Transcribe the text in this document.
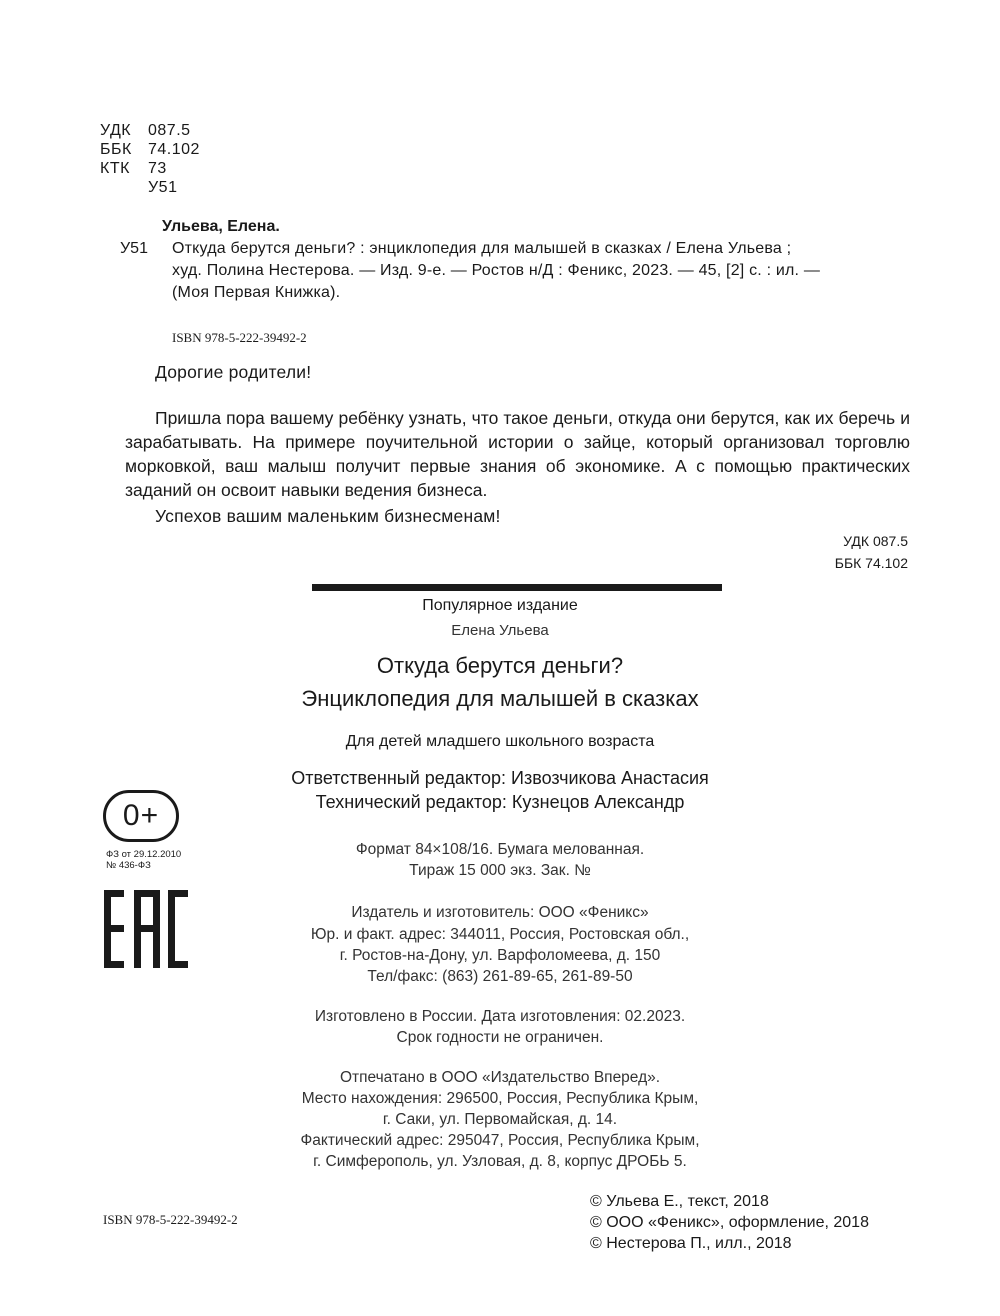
УДК 087.5
ББК 74.102
КТК 73
У51
Ульева, Елена.
У51 Откуда берутся деньги? : энциклопедия для малышей в сказках / Елена Ульева ;
худ. Полина Нестерова. — Изд. 9-е. — Ростов н/Д : Феникс, 2023. — 45, [2] с. : ил. —
(Моя Первая Книжка).
ISBN 978-5-222-39492-2
Дорогие родители!
Пришла пора вашему ребёнку узнать, что такое деньги, откуда они берутся, как их беречь и зарабатывать. На примере поучительной истории о зайце, который организовал торговлю морковкой, ваш малыш получит первые знания об экономике. А с помощью практических заданий он освоит навыки ведения бизнеса.
Успехов вашим маленьким бизнесменам!
УДК 087.5
ББК 74.102
Популярное издание
Елена Ульева
Откуда берутся деньги?
Энциклопедия для малышей в сказках
Для детей младшего школьного возраста
Ответственный редактор: Извозчикова Анастасия
Технический редактор: Кузнецов Александр
Формат 84×108/16. Бумага мелованная.
Тираж 15 000 экз. Зак. №
Издатель и изготовитель: ООО «Феникс»
Юр. и факт. адрес: 344011, Россия, Ростовская обл.,
г. Ростов-на-Дону, ул. Варфоломеева, д. 150
Тел/факс: (863) 261-89-65, 261-89-50
Изготовлено в России. Дата изготовления: 02.2023.
Срок годности не ограничен.
Отпечатано в ООО «Издательство Вперед».
Место нахождения: 296500, Россия, Республика Крым,
г. Саки, ул. Первомайская, д. 14.
Фактический адрес: 295047, Россия, Республика Крым,
г. Симферополь, ул. Узловая, д. 8, корпус ДРОБЬ 5.
0+
ФЗ от 29.12.2010
№ 436-ФЗ
ISBN 978-5-222-39492-2
© Ульева Е., текст, 2018
© ООО «Феникс», оформление, 2018
© Нестерова П., илл., 2018
